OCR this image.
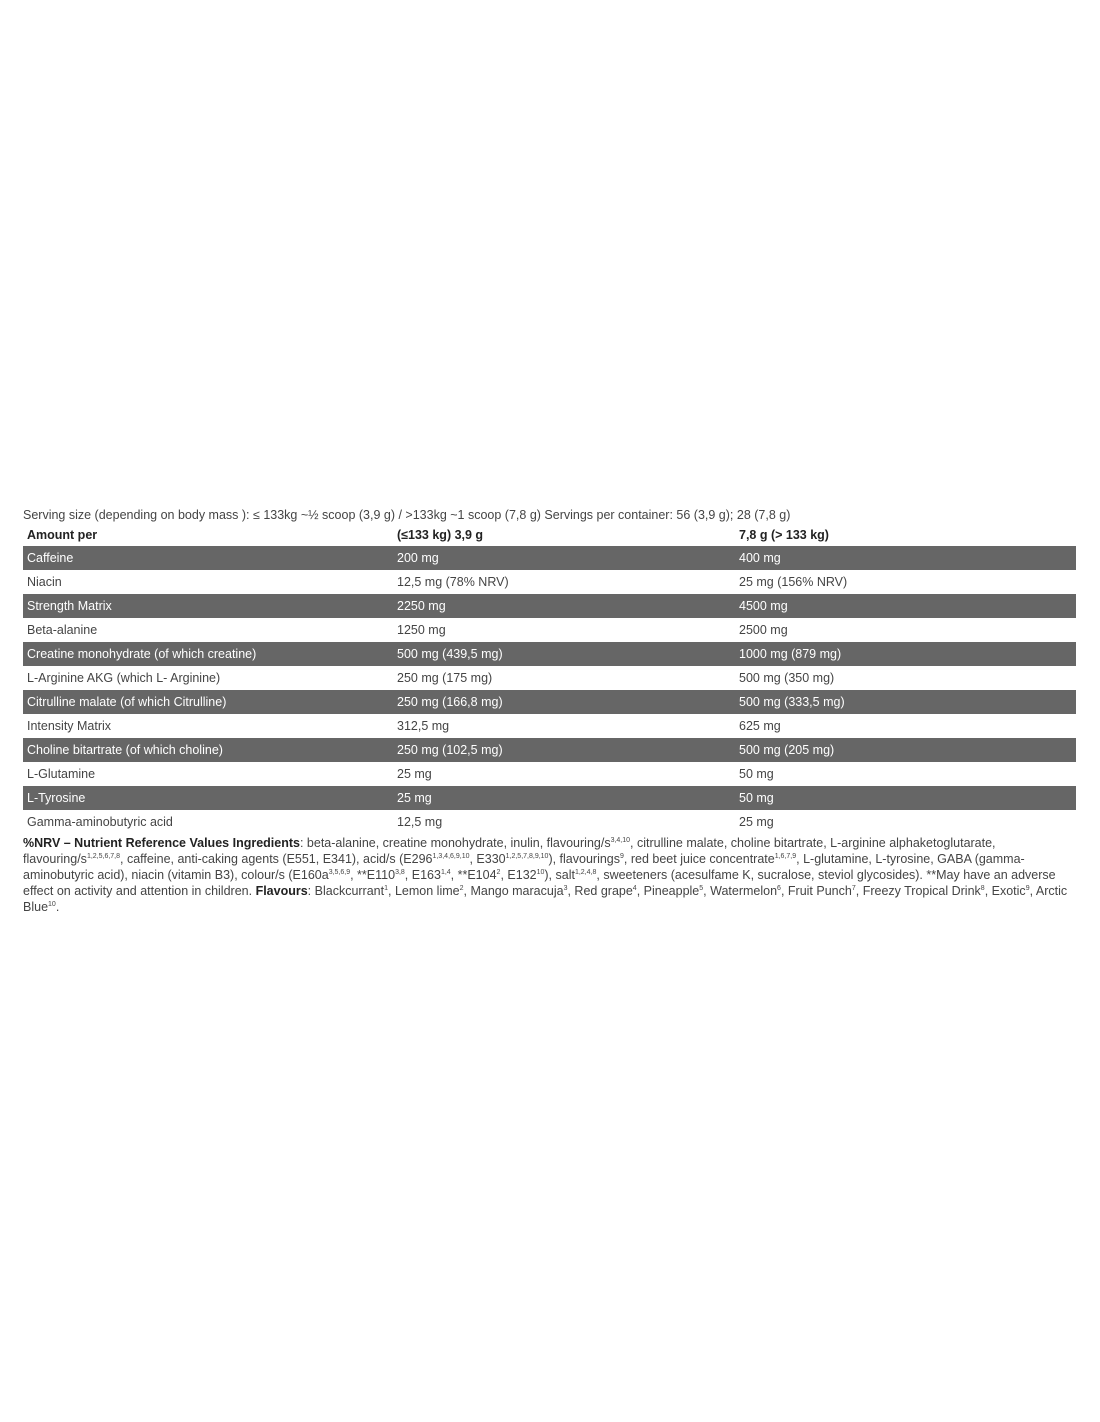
Serving size (depending on body mass ): ≤ 133kg ~½ scoop (3,9 g) / >133kg ~1 scoop (7,8 g) Servings per container: 56 (3,9 g); 28 (7,8 g)
Amount per	(≤133 kg) 3,9 g	7,8 g (> 133 kg)
Caffeine	200 mg	400 mg
Niacin	12,5 mg (78% NRV)	25 mg (156% NRV)
Strength Matrix	2250 mg	4500 mg
Beta-alanine	1250 mg	2500 mg
Creatine monohydrate (of which creatine)	500 mg (439,5 mg)	1000 mg (879 mg)
L-Arginine AKG (which L- Arginine)	250 mg (175 mg)	500 mg (350 mg)
Citrulline malate (of which Citrulline)	250 mg (166,8 mg)	500 mg (333,5 mg)
Intensity Matrix	312,5 mg	625 mg
Choline bitartrate (of which choline)	250 mg (102,5 mg)	500 mg (205 mg)
L-Glutamine	25 mg	50 mg
L-Tyrosine	25 mg	50 mg
Gamma-aminobutyric acid	12,5 mg	25 mg
%NRV – Nutrient Reference Values Ingredients: beta-alanine, creatine monohydrate, inulin, flavouring/$s^{3,4,10}$, citrulline malate, choline bitartrate, L-arginine alphaketoglutarate, flavouring/$s^{1,2,5,6,7,8}$, caffeine, anti-caking agents (E551, E341), acid/s (E296$^{1,3,4,6,9,10}$, E330$^{1,2,5,7,8,9,10}$), flavourings$^9$, red beet juice concentrate$^{1,6,7,9}$, L-glutamine, L-tyrosine, GABA (gamma-aminobutyric acid), niacin (vitamin B3), colour/s ($E160a^{3,5,6,9}$, **E110$^{3,8}$, E163$^{1,4}$, $**E104^2$, $E132^{10}$), salt$^{1,2,4,8}$, sweeteners (acesulfame K, sucralose, steviol glycosides). **May have an adverse effect on activity and attention in children. Flavours: Blackcurrant$^1$, Lemon lime$^2$, Mango maracuja$^3$, Red grape$^4$, Pineapple$^5$, Watermelon$^6$, Fruit Punch$^7$, Freezy Tropical Drink$^8$, Exotic$^9$, Arctic Blue$^{10}$.
